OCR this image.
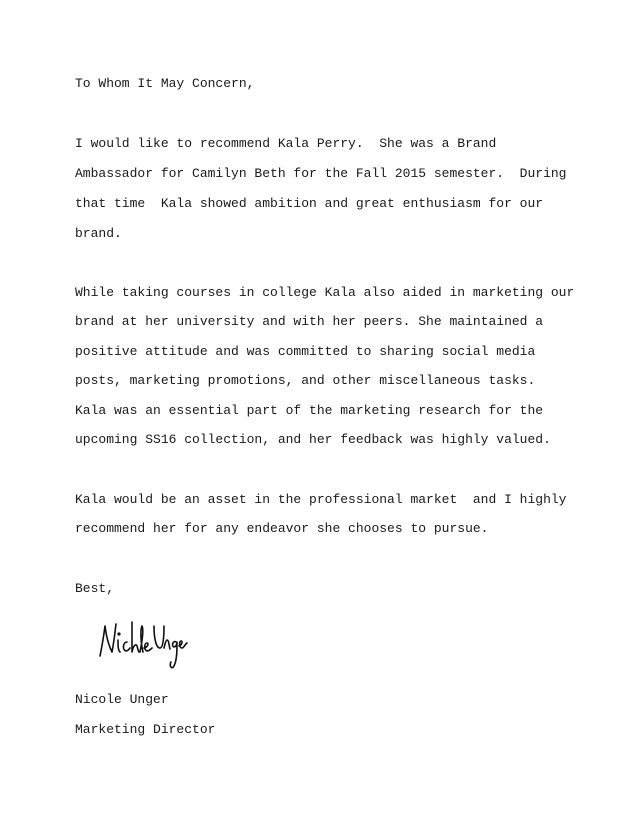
To Whom It May Concern,
I would like to recommend Kala Perry.  She was a Brand
Ambassador for Camilyn Beth for the Fall 2015 semester.  During
that time  Kala showed ambition and great enthusiasm for our
brand.
While taking courses in college Kala also aided in marketing our
brand at her university and with her peers. She maintained a
positive attitude and was committed to sharing social media
posts, marketing promotions, and other miscellaneous tasks.
Kala was an essential part of the marketing research for the
upcoming SS16 collection, and her feedback was highly valued.
Kala would be an asset in the professional market  and I highly
recommend her for any endeavor she chooses to pursue.
Best,
Nicole Unger
Marketing Director
